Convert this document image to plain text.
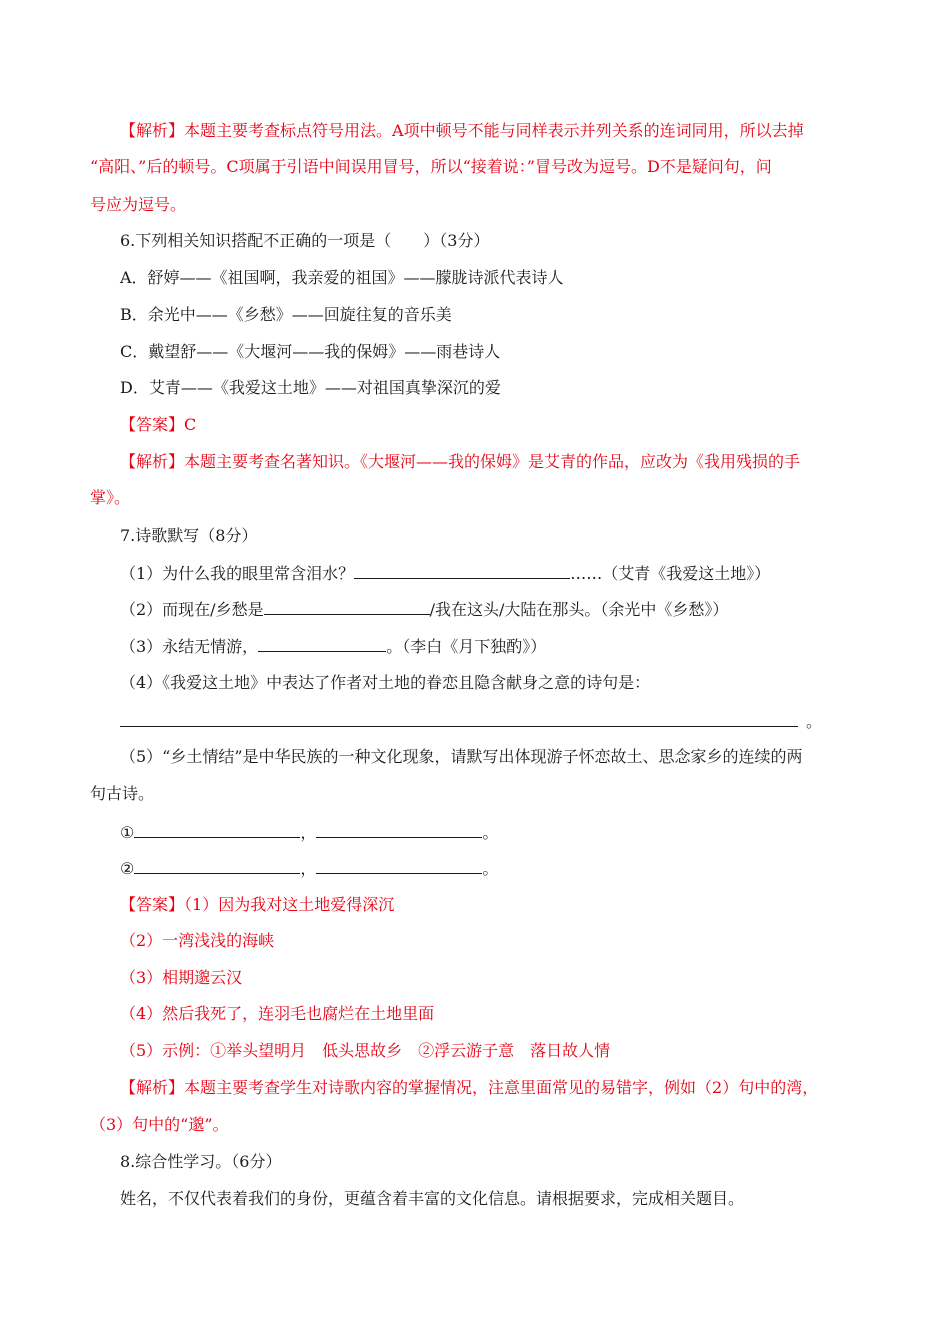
【解析】本题主要考查标点符号用法。A项中顿号不能与同样表示并列关系的连词同用，所以去掉
“高阳、”后的顿号。C项属于引语中间误用冒号，所以“接着说：”冒号改为逗号。D不是疑问句，问
号应为逗号。
6.下列相关知识搭配不正确的一项是（　　）（3分）
A．舒婷——《祖国啊，我亲爱的祖国》——朦胧诗派代表诗人
B．余光中——《乡愁》——回旋往复的音乐美
C．戴望舒——《大堰河——我的保姆》——雨巷诗人
D．艾青——《我爱这土地》——对祖国真挚深沉的爱
【答案】C
【解析】本题主要考查名著知识。《大堰河——我的保姆》是艾青的作品，应改为《我用残损的手
掌》。
7.诗歌默写（8分）
（1）为什么我的眼里常含泪水？	……（艾青《我爱这土地》）
（2）而现在/乡愁是	/我在这头/大陆在那头。（余光中《乡愁》）
（3）永结无情游，	。（李白《月下独酌》）
（4）《我爱这土地》中表达了作者对土地的眷恋且隐含献身之意的诗句是：
。
（5）“乡土情结”是中华民族的一种文化现象，请默写出体现游子怀恋故土、思念家乡的连续的两
句古诗。
①	，	。
②	，	。
【答案】（1）因为我对这土地爱得深沉
（2）一湾浅浅的海峡
（3）相期邈云汉
（4）然后我死了，连羽毛也腐烂在土地里面
（5）示例：①举头望明月　低头思故乡　②浮云游子意　落日故人情
【解析】本题主要考查学生对诗歌内容的掌握情况，注意里面常见的易错字，例如（2）句中的湾，
（3）句中的“邈”。
8.综合性学习。（6分）
姓名，不仅代表着我们的身份，更蕴含着丰富的文化信息。请根据要求，完成相关题目。
